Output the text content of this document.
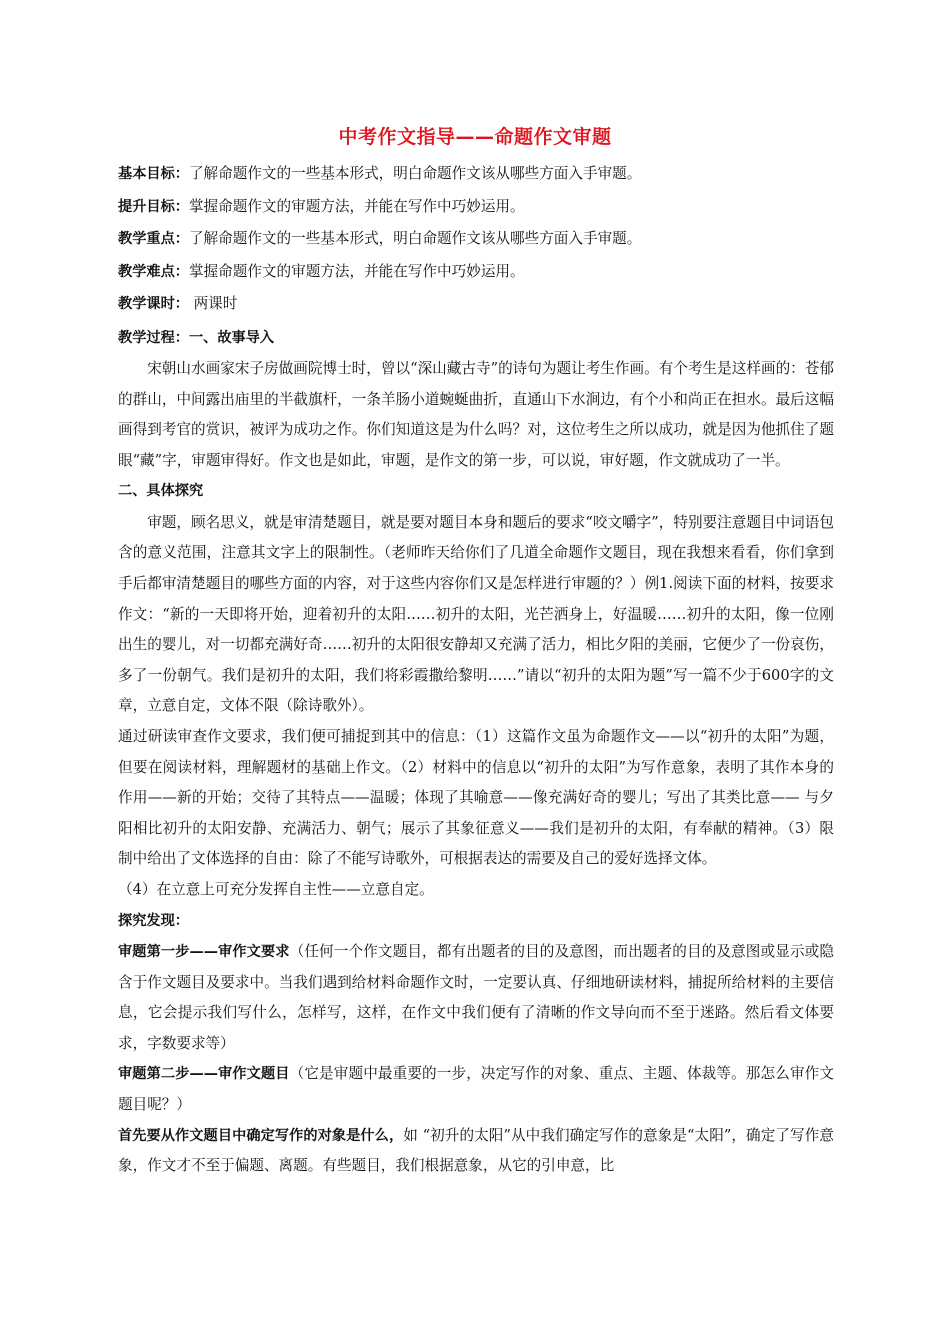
中考作文指导——命题作文审题

基本目标：了解命题作文的一些基本形式，明白命题作文该从哪些方面入手审题。

提升目标：掌握命题作文的审题方法，并能在写作中巧妙运用。

教学重点：了解命题作文的一些基本形式，明白命题作文该从哪些方面入手审题。

教学难点：掌握命题作文的审题方法，并能在写作中巧妙运用。

教学课时： 两课时

教学过程：一、故事导入

宋朝山水画家宋子房做画院博士时，曾以“深山藏古寺”的诗句为题让考生作画。有个考生是这样画的：苍郁的群山，中间露出庙里的半截旗杆，一条羊肠小道蜿蜒曲折，直通山下水涧边，有个小和尚正在担水。最后这幅画得到考官的赏识，被评为成功之作。你们知道这是为什么吗？对，这位考生之所以成功，就是因为他抓住了题眼“藏”字，审题审得好。作文也是如此，审题，是作文的第一步，可以说，审好题，作文就成功了一半。

二、具体探究

审题，顾名思义，就是审清楚题目，就是要对题目本身和题后的要求“咬文嚼字”，特别要注意题目中词语包含的意义范围，注意其文字上的限制性。（老师昨天给你们了几道全命题作文题目，现在我想来看看，你们拿到手后都审清楚题目的哪些方面的内容，对于这些内容你们又是怎样进行审题的？）例1.阅读下面的材料，按要求作文：“新的一天即将开始，迎着初升的太阳……初升的太阳，光芒洒身上，好温暖……初升的太阳，像一位刚出生的婴儿，对一切都充满好奇……初升的太阳很安静却又充满了活力，相比夕阳的美丽，它便少了一份哀伤，多了一份朝气。我们是初升的太阳，我们将彩霞撒给黎明……”请以“初升的太阳为题”写一篇不少于600字的文章，立意自定，文体不限（除诗歌外）。

通过研读审查作文要求，我们便可捕捉到其中的信息：（1）这篇作文虽为命题作文——以“初升的太阳”为题，但要在阅读材料，理解题材的基础上作文。（2）材料中的信息以“初升的太阳”为写作意象，表明了其作本身的作用——新的开始；交待了其特点——温暖；体现了其喻意——像充满好奇的婴儿；写出了其类比意—— 与夕阳相比初升的太阳安静、充满活力、朝气；展示了其象征意义——我们是初升的太阳，有奉献的精神。（3）限制中给出了文体选择的自由：除了不能写诗歌外，可根据表达的需要及自己的爱好选择文体。

（4）在立意上可充分发挥自主性——立意自定。

探究发现：

审题第一步——审作文要求（任何一个作文题目，都有出题者的目的及意图，而出题者的目的及意图或显示或隐含于作文题目及要求中。当我们遇到给材料命题作文时，一定要认真、仔细地研读材料，捕捉所给材料的主要信息，它会提示我们写什么，怎样写，这样，在作文中我们便有了清晰的作文导向而不至于迷路。然后看文体要求，字数要求等）

审题第二步——审作文题目（它是审题中最重要的一步，决定写作的对象、重点、主题、体裁等。那怎么审作文题目呢？）

首先要从作文题目中确定写作的对象是什么，如 “初升的太阳”从中我们确定写作的意象是“太阳”，确定了写作意象，作文才不至于偏题、离题。有些题目，我们根据意象，从它的引申意，比
